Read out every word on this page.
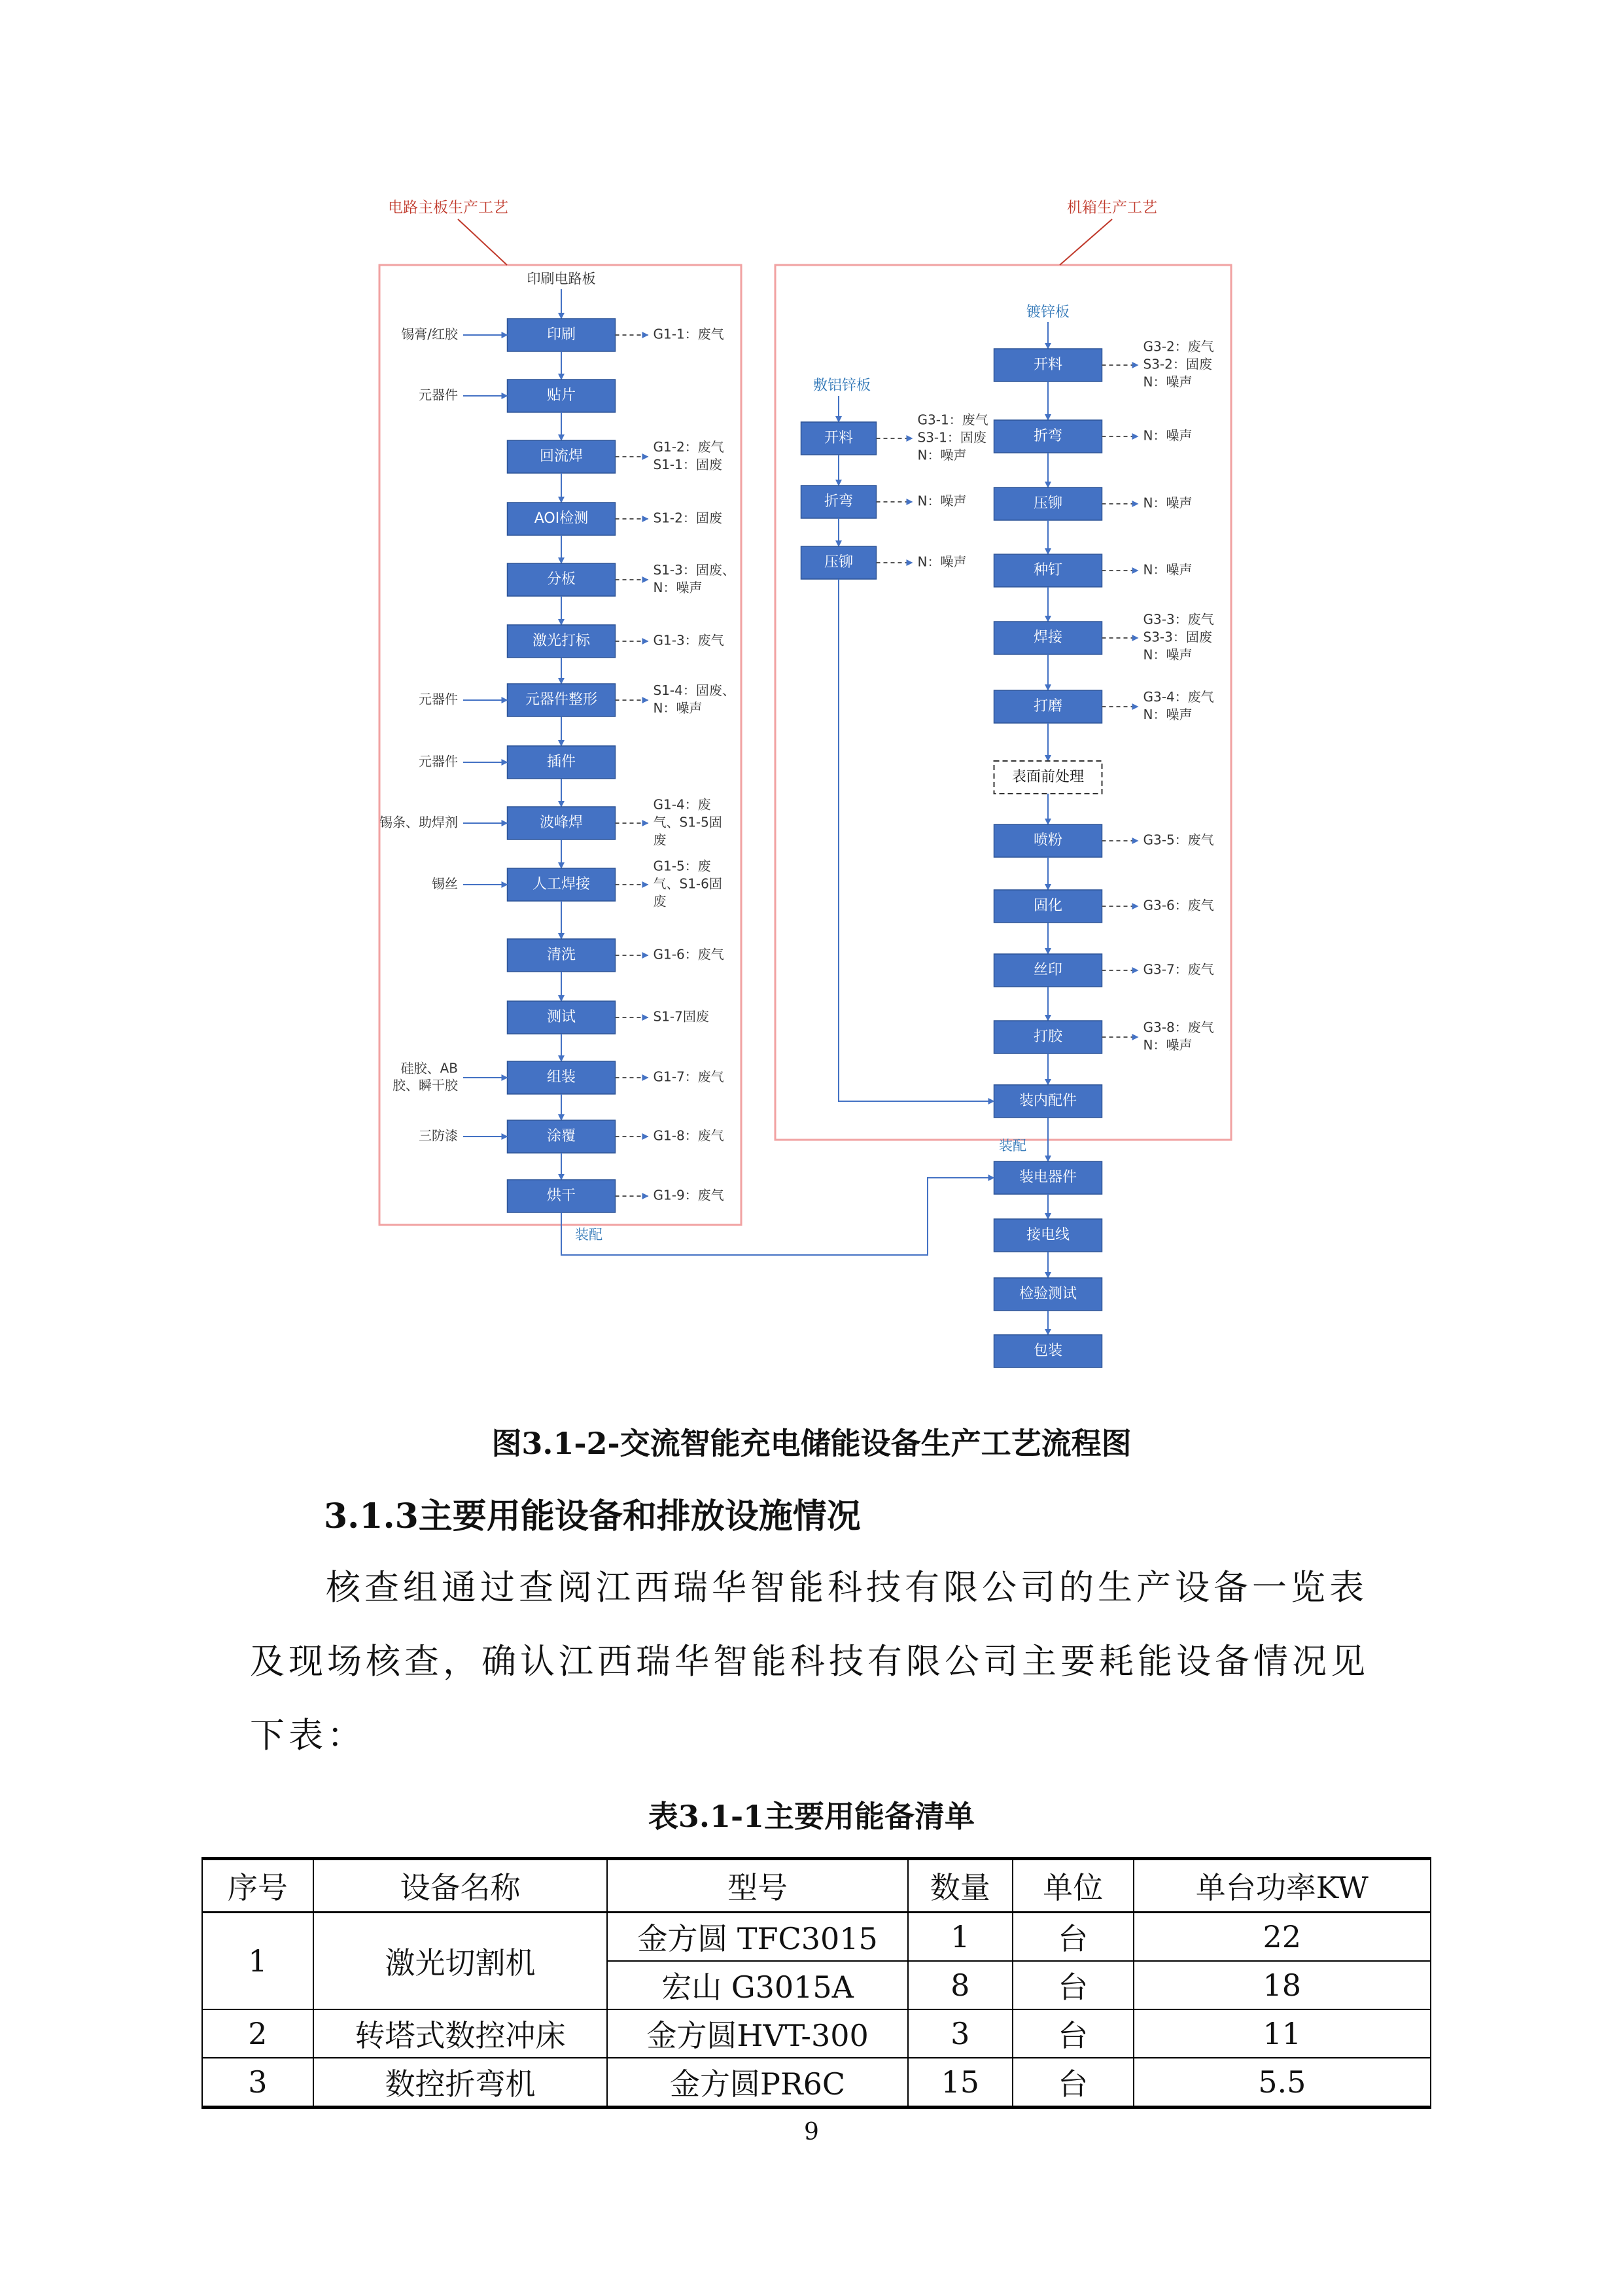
电路主板生产工艺	机箱生产工艺
印刷电路板
印刷
锡膏/红胶	G1-1：废气
贴片
元器件
回流焊
G1-2：废气
S1-1：固废
AOI检测	S1-2：固废
分板
S1-3：固废、
N：噪声
激光打标	G1-3：废气
元器件整形
元器件
S1-4：固废、
N：噪声
插件
元器件
波峰焊
锡条、助焊剂
G1-4：废
气、S1-5固
废
人工焊接
锡丝
G1-5：废
气、S1-6固
废
清洗	G1-6：废气
测试	S1-7固废
组装
硅胶、AB
胶、瞬干胶
G1-7：废气
涂覆
三防漆	G1-8：废气
烘干	G1-9：废气
敷铝锌板
开料
G3-1：废气
S3-1：固废
N：噪声
折弯	N：噪声
压铆	N：噪声
镀锌板
开料
G3-2：废气
S3-2：固废
N：噪声
折弯	N：噪声
压铆	N：噪声
种钉	N：噪声
焊接
G3-3：废气
S3-3：固废
N：噪声
打磨
G3-4：废气
N：噪声
表面前处理
喷粉	G3-5：废气
固化	G3-6：废气
丝印	G3-7：废气
打胶
G3-8：废气
N：噪声
装内配件
装配
装电器件
接电线
检验测试
包装
装配

图3.1-2-交流智能充电储能设备生产工艺流程图

3.1.3主要用能设备和排放设施情况

核查组通过查阅江西瑞华智能科技有限公司的生产设备一览表及现场核查，确认江西瑞华智能科技有限公司主要耗能设备情况见下表：

表3.1-1主要用能备清单

序号	设备名称	型号	数量	单位	单台功率KW
1	激光切割机	金方圆 TFC3015	1	台	22
		宏山 G3015A	8	台	18
2	转塔式数控冲床	金方圆HVT-300	3	台	11
3	数控折弯机	金方圆PR6C	15	台	5.5

9
